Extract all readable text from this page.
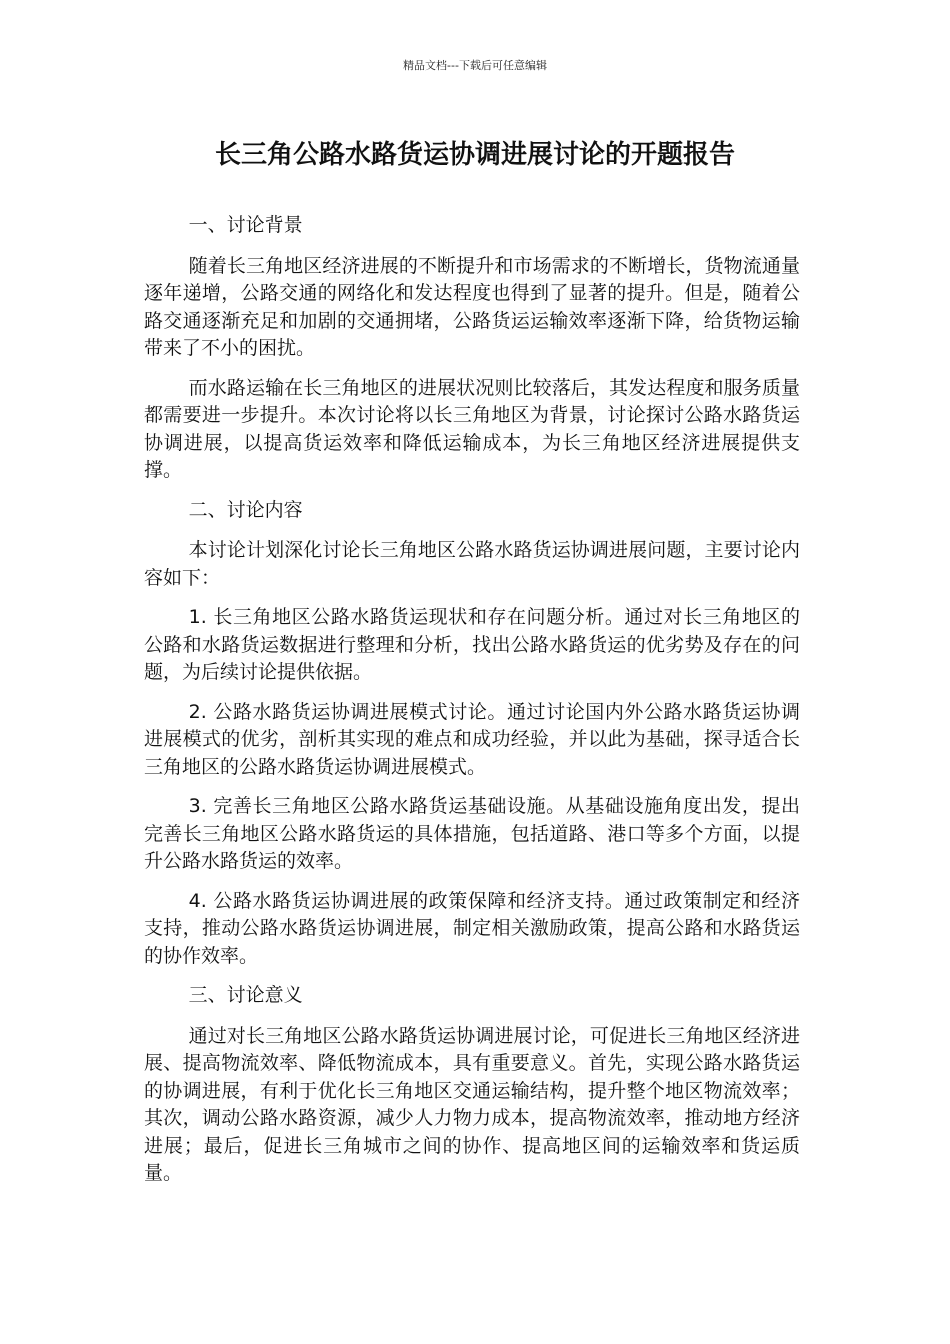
精品文档---下载后可任意编辑
长三角公路水路货运协调进展讨论的开题报告

一、讨论背景

随着长三角地区经济进展的不断提升和市场需求的不断增长，货物流通量逐年递增，公路交通的网络化和发达程度也得到了显著的提升。但是，随着公路交通逐渐充足和加剧的交通拥堵，公路货运运输效率逐渐下降，给货物运输带来了不小的困扰。

而水路运输在长三角地区的进展状况则比较落后，其发达程度和服务质量都需要进一步提升。本次讨论将以长三角地区为背景，讨论探讨公路水路货运协调进展，以提高货运效率和降低运输成本，为长三角地区经济进展提供支撑。

二、讨论内容

本讨论计划深化讨论长三角地区公路水路货运协调进展问题，主要讨论内容如下：

1. 长三角地区公路水路货运现状和存在问题分析。通过对长三角地区的公路和水路货运数据进行整理和分析，找出公路水路货运的优劣势及存在的问题，为后续讨论提供依据。

2. 公路水路货运协调进展模式讨论。通过讨论国内外公路水路货运协调进展模式的优劣，剖析其实现的难点和成功经验，并以此为基础，探寻适合长三角地区的公路水路货运协调进展模式。

3. 完善长三角地区公路水路货运基础设施。从基础设施角度出发，提出完善长三角地区公路水路货运的具体措施，包括道路、港口等多个方面，以提升公路水路货运的效率。

4. 公路水路货运协调进展的政策保障和经济支持。通过政策制定和经济支持，推动公路水路货运协调进展，制定相关激励政策，提高公路和水路货运的协作效率。

三、讨论意义

通过对长三角地区公路水路货运协调进展讨论，可促进长三角地区经济进展、提高物流效率、降低物流成本，具有重要意义。首先，实现公路水路货运的协调进展，有利于优化长三角地区交通运输结构，提升整个地区物流效率；其次，调动公路水路资源，减少人力物力成本，提高物流效率，推动地方经济进展；最后，促进长三角城市之间的协作、提高地区间的运输效率和货运质量。
